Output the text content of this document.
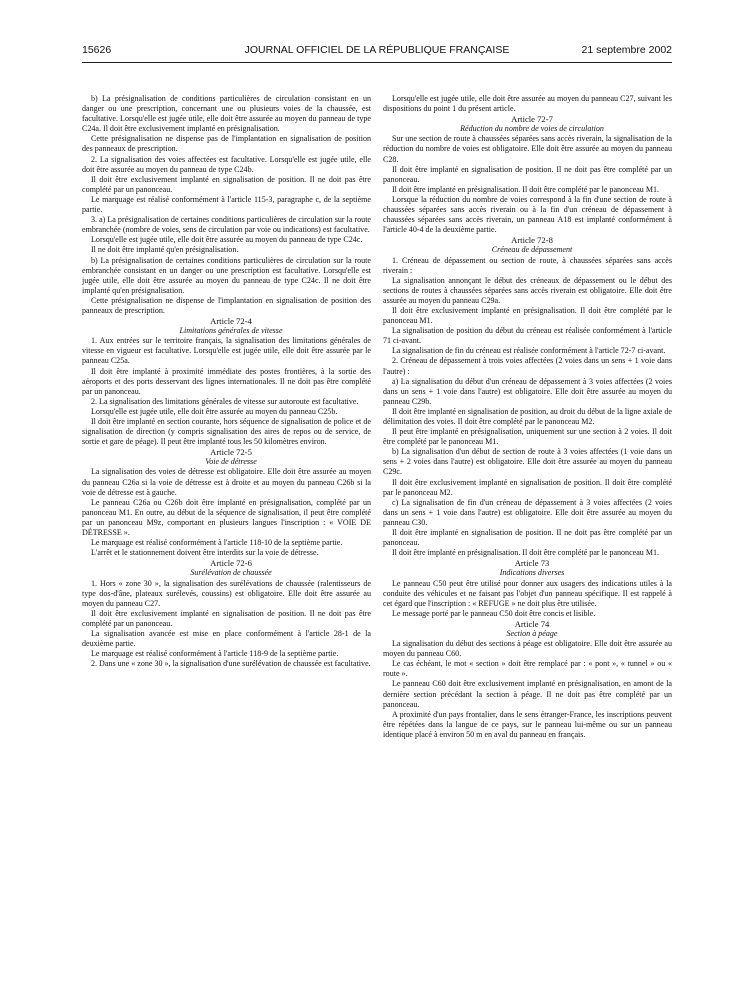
15626	JOURNAL OFFICIEL DE LA RÉPUBLIQUE FRANÇAISE	21 septembre 2002

b) La présignalisation de conditions particulières de circulation consistant en un danger ou une prescription, concernant une ou plusieurs voies de la chaussée, est facultative. Lorsqu'elle est jugée utile, elle doit être assurée au moyen du panneau de type C24a. Il doit être exclusivement implanté en présignalisation.

Cette présignalisation ne dispense pas de l'implantation en signalisation de position des panneaux de prescription.

2. La signalisation des voies affectées est facultative. Lorsqu'elle est jugée utile, elle doit être assurée au moyen du panneau de type C24b.

Il doit être exclusivement implanté en signalisation de position. Il ne doit pas être complété par un panonceau.

Le marquage est réalisé conformément à l'article 115-3, paragraphe c, de la septième partie.

3. a) La présignalisation de certaines conditions particulières de circulation sur la route embranchée (nombre de voies, sens de circulation par voie ou indications) est facultative.

Lorsqu'elle est jugée utile, elle doit être assurée au moyen du panneau de type C24c.

Il ne doit être implanté qu'en présignalisation.

b) La présignalisation de certaines conditions particulières de circulation sur la route embranchée consistant en un danger ou une prescription est facultative. Lorsqu'elle est jugée utile, elle doit être assurée au moyen du panneau de type C24c. Il ne doit être implanté qu'en présignalisation.

Cette présignalisation ne dispense de l'implantation en signalisation de position des panneaux de prescription.

Article 72-4

Limitations générales de vitesse

1. Aux entrées sur le territoire français, la signalisation des limitations générales de vitesse en vigueur est facultative. Lorsqu'elle est jugée utile, elle doit être assurée par le panneau C25a.

Il doit être implanté à proximité immédiate des postes frontières, à la sortie des aéroports et des ports desservant des lignes internationales. Il ne doit pas être complété par un panonceau.

2. La signalisation des limitations générales de vitesse sur autoroute est facultative.

Lorsqu'elle est jugée utile, elle doit être assurée au moyen du panneau C25b.

Il doit être implanté en section courante, hors séquence de signalisation de police et de signalisation de direction (y compris signalisation des aires de repos ou de service, de sortie et gare de péage). Il peut être implanté tous les 50 kilomètres environ.

Article 72-5

Voie de détresse

La signalisation des voies de détresse est obligatoire. Elle doit être assurée au moyen du panneau C26a si la voie de détresse est à droite et au moyen du panneau C26b si la voie de détresse est à gauche.

Le panneau C26a ou C26b doit être implanté en présignalisation, complété par un panonceau M1. En outre, au début de la séquence de signalisation, il peut être complété par un panonceau M9z, comportant en plusieurs langues l'inscription : « VOIE DE DÉTRESSE ».

Le marquage est réalisé conformément à l'article 118-10 de la septième partie.

L'arrêt et le stationnement doivent être interdits sur la voie de détresse.

Article 72-6

Surélévation de chaussée

1. Hors « zone 30 », la signalisation des surélévations de chaussée (ralentisseurs de type dos-d'âne, plateaux surélevés, coussins) est obligatoire. Elle doit être assurée au moyen du panneau C27.

Il doit être exclusivement implanté en signalisation de position. Il ne doit pas être complété par un panonceau.

La signalisation avancée est mise en place conformément à l'article 28-1 de la deuxième partie.

Le marquage est réalisé conformément à l'article 118-9 de la septième partie.

2. Dans une « zone 30 », la signalisation d'une surélévation de chaussée est facultative.

Lorsqu'elle est jugée utile, elle doit être assurée au moyen du panneau C27, suivant les dispositions du point 1 du présent article.

Article 72-7

Réduction du nombre de voies de circulation

Sur une section de route à chaussées séparées sans accès riverain, la signalisation de la réduction du nombre de voies est obligatoire. Elle doit être assurée au moyen du panneau C28.

Il doit être implanté en signalisation de position. Il ne doit pas être complété par un panonceau.

Il doit être implanté en présignalisation. Il doit être complété par le panonceau M1.

Lorsque la réduction du nombre de voies correspond à la fin d'une section de route à chaussées séparées sans accès riverain ou à la fin d'un créneau de dépassement à chaussées séparées sans accès riverain, un panneau A18 est implanté conformément à l'article 40-4 de la deuxième partie.

Article 72-8

Créneau de dépassement

1. Créneau de dépassement ou section de route, à chaussées séparées sans accès riverain :

La signalisation annonçant le début des créneaux de dépassement ou le début des sections de routes à chaussées séparées sans accès riverain est obligatoire. Elle doit être assurée au moyen du panneau C29a.

Il doit être exclusivement implanté en présignalisation. Il doit être complété par le panonceau M1.

La signalisation de position du début du créneau est réalisée conformément à l'article 71 ci-avant.

La signalisation de fin du créneau est réalisée conformément à l'article 72-7 ci-avant.

2. Créneau de dépassement à trois voies affectées (2 voies dans un sens + 1 voie dans l'autre) :

a) La signalisation du début d'un créneau de dépassement à 3 voies affectées (2 voies dans un sens + 1 voie dans l'autre) est obligatoire. Elle doit être assurée au moyen du panneau C29b.

Il doit être implanté en signalisation de position, au droit du début de la ligne axiale de délimitation des voies. Il doit être complété par le panonceau M2.

Il peut être implanté en présignalisation, uniquement sur une section à 2 voies. Il doit être complété par le panonceau M1.

b) La signalisation d'un début de section de route à 3 voies affectées (1 voie dans un sens + 2 voies dans l'autre) est obligatoire. Elle doit être assurée au moyen du panneau C29c.

Il doit être exclusivement implanté en signalisation de position. Il doit être complété par le panonceau M2.

c) La signalisation de fin d'un créneau de dépassement à 3 voies affectées (2 voies dans un sens + 1 voie dans l'autre) est obligatoire. Elle doit être assurée au moyen du panneau C30.

Il doit être implanté en signalisation de position. Il ne doit pas être complété par un panonceau.

Il doit être implanté en présignalisation. Il doit être complété par le panonceau M1.

Article 73

Indications diverses

Le panneau C50 peut être utilisé pour donner aux usagers des indications utiles à la conduite des véhicules et ne faisant pas l'objet d'un panneau spécifique. Il est rappelé à cet égard que l'inscription : « REFUGE » ne doit plus être utilisée.

Le message porté par le panneau C50 doit être concis et lisible.

Article 74

Section à péage

La signalisation du début des sections à péage est obligatoire. Elle doit être assurée au moyen du panneau C60.

Le cas échéant, le mot « section » doit être remplacé par : « pont », « tunnel » ou « route ».

Le panneau C60 doit être exclusivement implanté en présignalisation, en amont de la dernière section précédant la section à péage. Il ne doit pas être complété par un panonceau.

A proximité d'un pays frontalier, dans le sens étranger-France, les inscriptions peuvent être répétées dans la langue de ce pays, sur le panneau lui-même ou sur un panneau identique placé à environ 50 m en aval du panneau en français.
